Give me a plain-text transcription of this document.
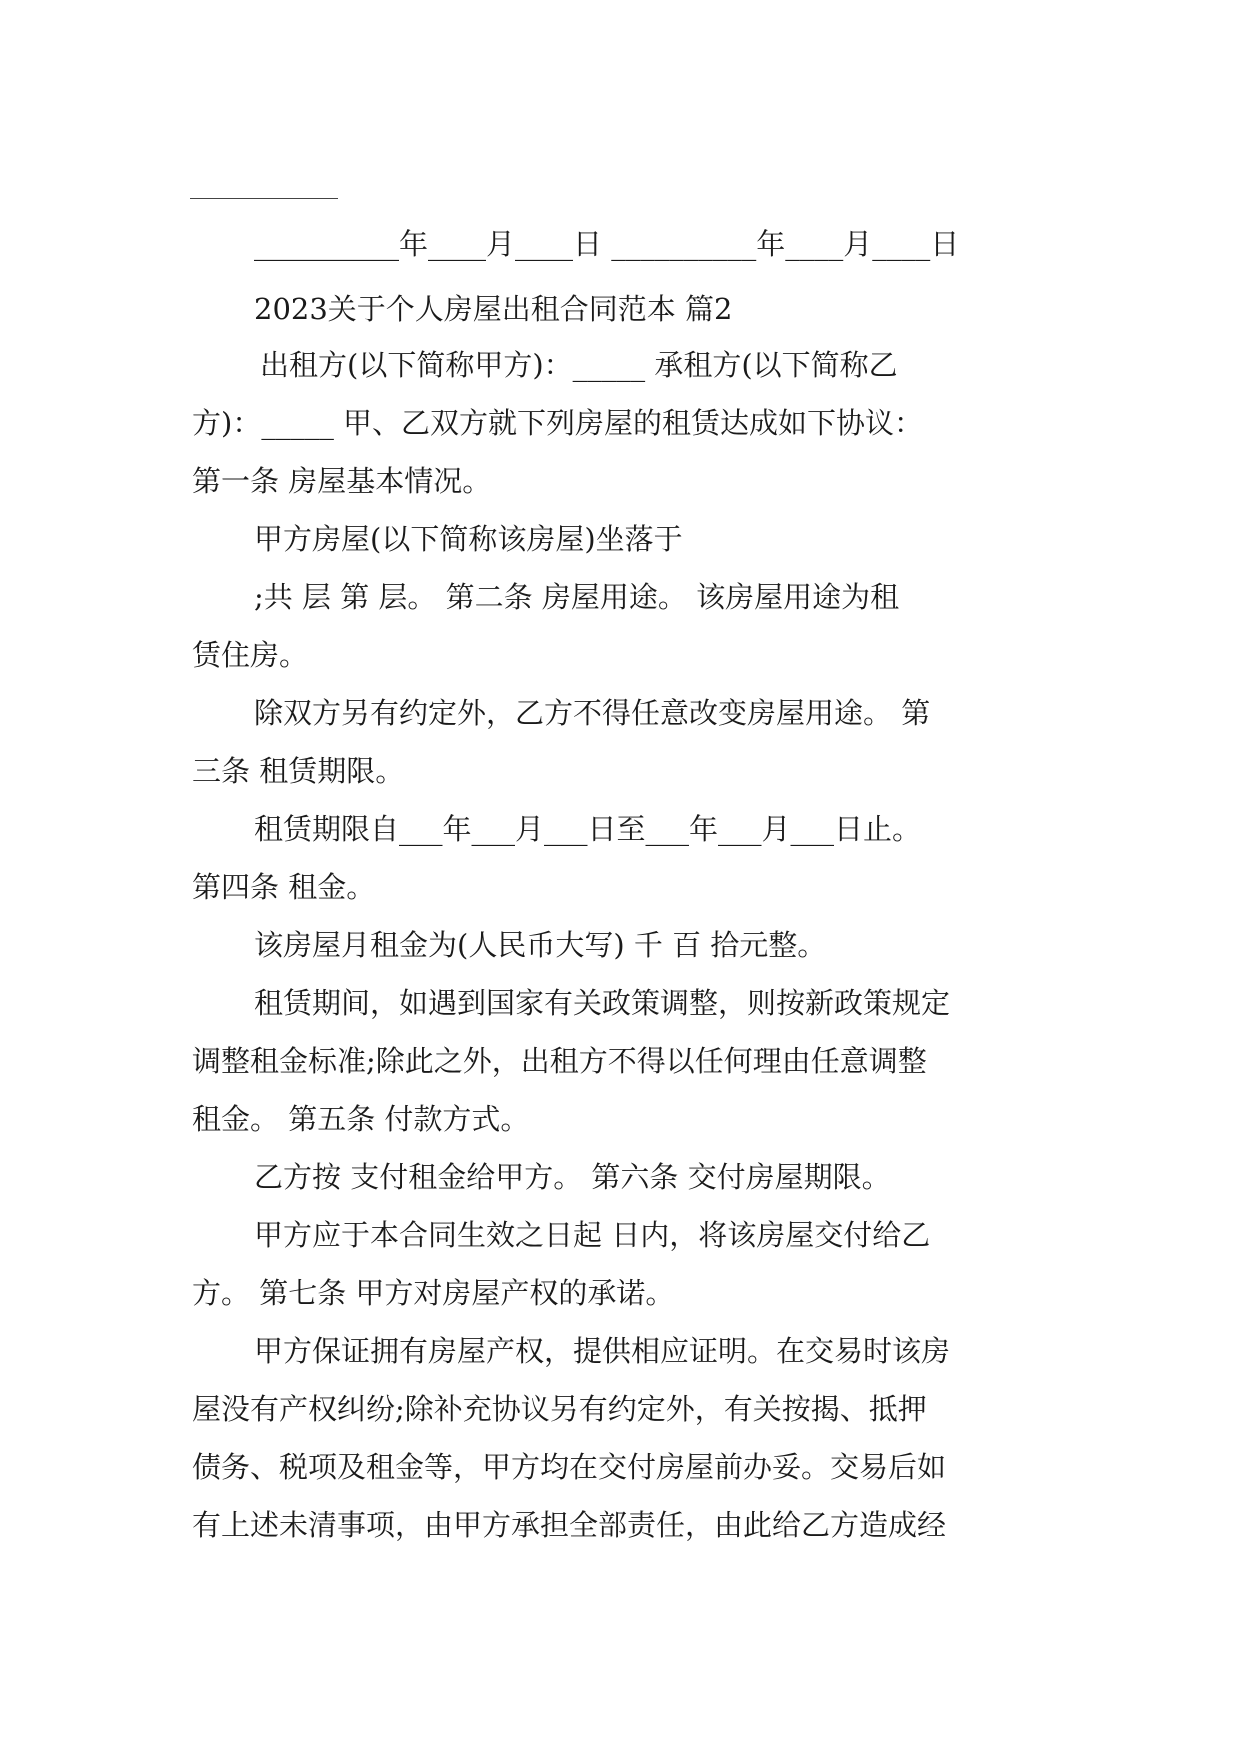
__________年____月____日 __________年____月____日
2023关于个人房屋出租合同范本 篇2
出租方(以下简称甲方)：_____ 承租方(以下简称乙
方)：_____ 甲、乙双方就下列房屋的租赁达成如下协议：
第一条 房屋基本情况。
甲方房屋(以下简称该房屋)坐落于
;共 层 第 层。 第二条 房屋用途。 该房屋用途为租
赁住房。
除双方另有约定外，乙方不得任意改变房屋用途。 第
三条 租赁期限。
租赁期限自___年___月___日至___年___月___日止。
第四条 租金。
该房屋月租金为(人民币大写) 千 百 拾元整。
租赁期间，如遇到国家有关政策调整，则按新政策规定
调整租金标准;除此之外，出租方不得以任何理由任意调整
租金。 第五条 付款方式。
乙方按 支付租金给甲方。 第六条 交付房屋期限。
甲方应于本合同生效之日起 日内，将该房屋交付给乙
方。 第七条 甲方对房屋产权的承诺。
甲方保证拥有房屋产权，提供相应证明。在交易时该房
屋没有产权纠纷;除补充协议另有约定外，有关按揭、抵押
债务、税项及租金等，甲方均在交付房屋前办妥。交易后如
有上述未清事项，由甲方承担全部责任，由此给乙方造成经
